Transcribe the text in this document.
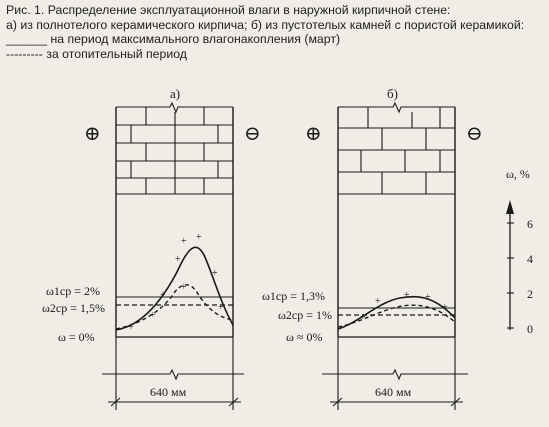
Рис. 1. Распределение эксплуатационной влаги в наружной кирпичной стене:
а) из полнотелого керамического кирпича; б) из пустотелых камней с пористой керамикой:
______ на период максимального влагонакопления (март)
--------- за отопительный период
+ +
+
+
+
+
+
+
+
+
+ +
+
+
а)
⊕	⊖
ω1ср = 2%
ω2ср = 1,5%
ω = 0%
640 мм
б)
⊕	⊖
ω1ср = 1,3%
ω2ср = 1%
ω ≈ 0%
640 мм
ω, %
6
4
2
0
